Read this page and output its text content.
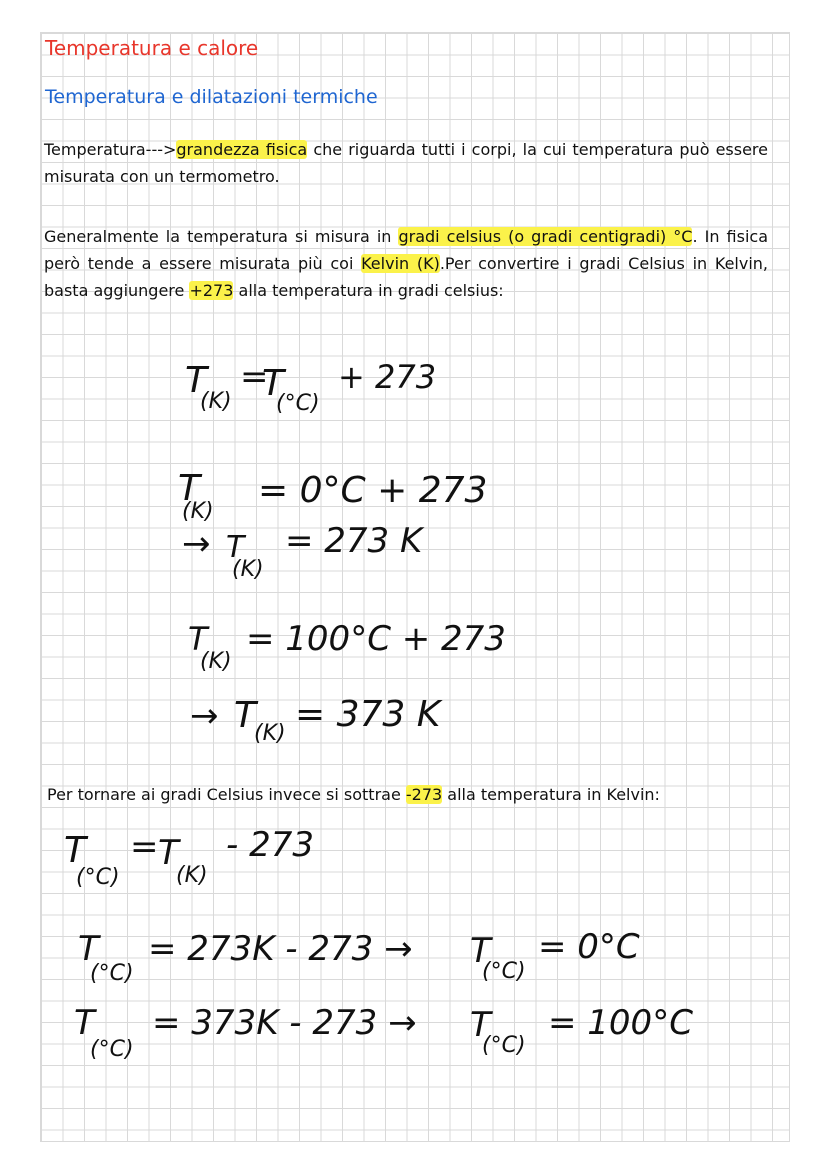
Temperatura e calore
Temperatura e dilatazioni termiche

Temperatura--->grandezza fisica che riguarda tutti i corpi, la cui temperatura può essere misurata con un termometro.

Generalmente la temperatura si misura in gradi celsius (o gradi centigradi) °C. In fisica però tende a essere misurata più coi Kelvin (K).Per convertire i gradi Celsius in Kelvin, basta aggiungere +273 alla temperatura in gradi celsius:

T
(K)
=
T
(°C)
+ 273
T
(K)
= 0°C + 273
→ T
(K)
= 273 K
T
(K)
= 100°C + 273
→ T
(K) = 373 K
T
(°C)
= T
(K)
- 273
T
(°C)
= 273K - 273 → T
(°C)
= 0°C
T
(°C)
= 373K - 273 → T
(°C)
= 100°C

Per tornare ai gradi Celsius invece si sottrae -273 alla temperatura in Kelvin:
